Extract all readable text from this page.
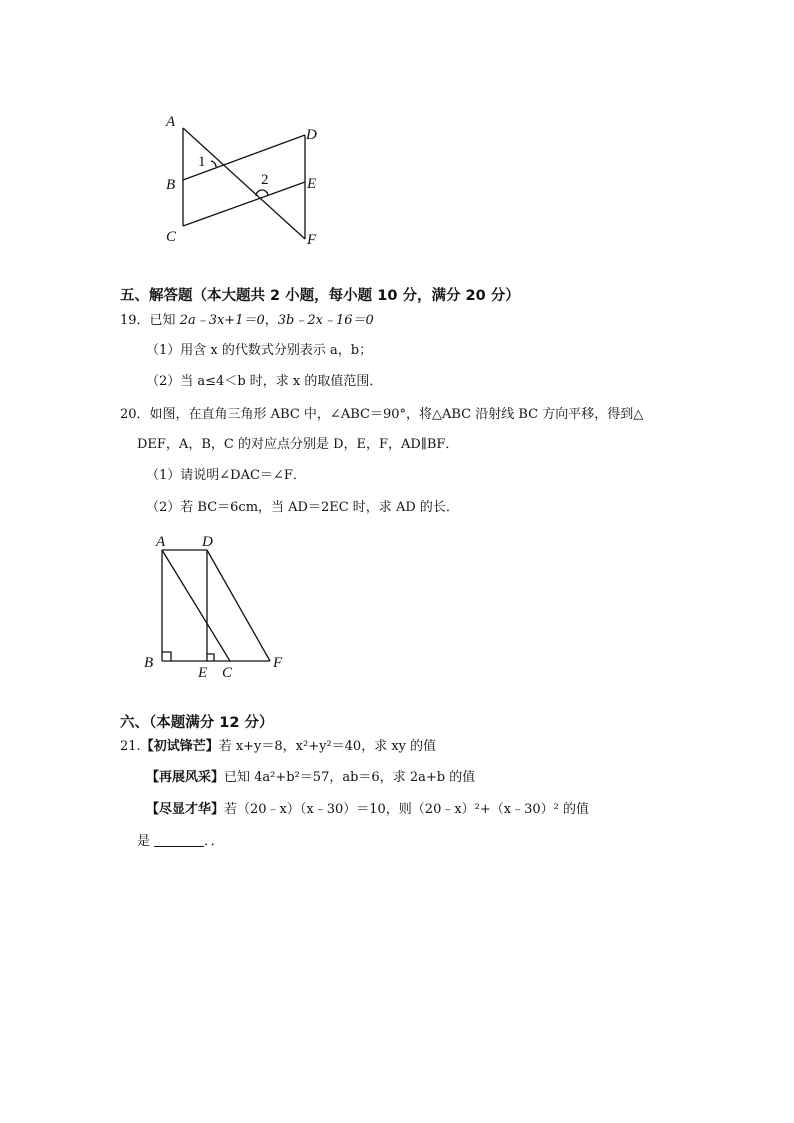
A
B
C
D
E
F
1
2
五、解答题（本大题共 2 小题，每小题 10 分，满分 20 分）
19．已知 2a﹣3x+1＝0，3b﹣2x﹣16＝0
（1）用含 x 的代数式分别表示 a，b；
（2）当 a≤4＜b 时，求 x 的取值范围．
20．如图，在直角三角形 ABC 中，∠ABC＝90°，将△ABC 沿射线 BC 方向平移，得到△
DEF，A，B，C 的对应点分别是 D，E，F，AD∥BF．
（1）请说明∠DAC＝∠F．
（2）若 BC＝6cm，当 AD＝2EC 时，求 AD 的长．
A D
B
E C
F
六、（本题满分 12 分）
21.【初试锋芒】若 x+y＝8，x²+y²＝40，求 xy 的值
【再展风采】已知 4a²+b²＝57，ab＝6，求 2a+b 的值
【尽显才华】若（20﹣x）（x﹣30）＝10，则（20﹣x）²+（x﹣30）² 的值
是	．．
